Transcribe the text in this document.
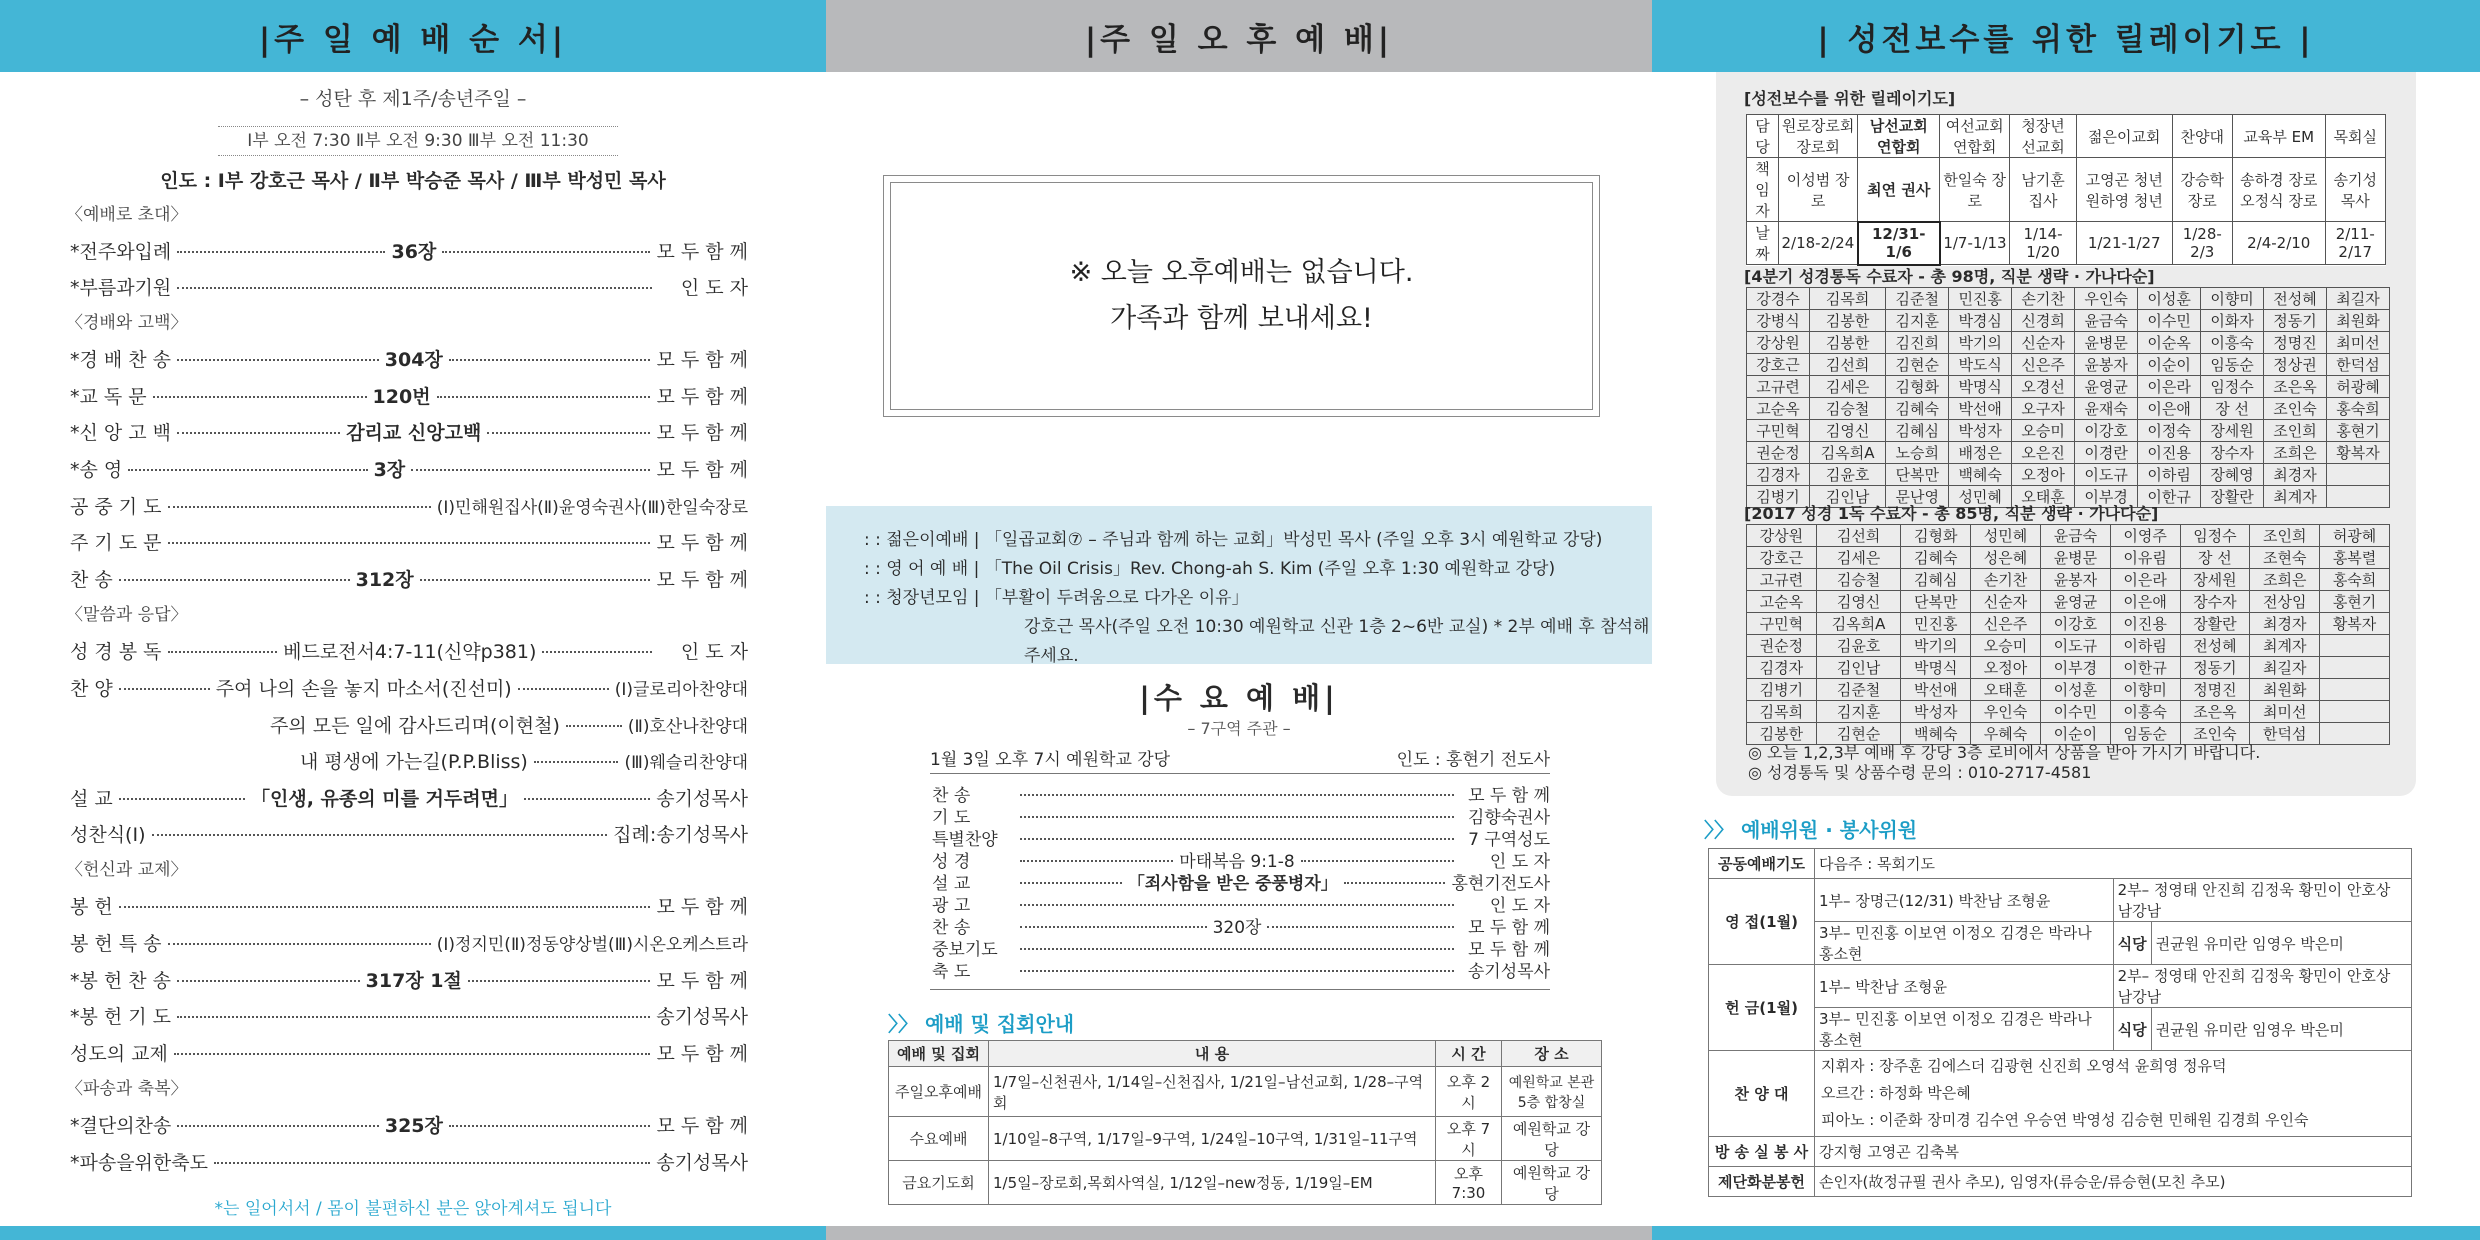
|주 일 예 배 순 서|
– 성탄 후 제1주/송년주일 –
Ⅰ부 오전 7:30 Ⅱ부 오전 9:30 Ⅲ부 오전 11:30
인도 : Ⅰ부 강호근 목사 / Ⅱ부 박승준 목사 / Ⅲ부 박성민 목사
〈예배로 초대〉
*전주와입례	36장	모 두 함 께
*부름과기원	인 도 자
〈경배와 고백〉
*경 배 찬 송	304장	모 두 함 께
*교 독 문	120번	모 두 함 께
*신 앙 고 백	감리교 신앙고백	모 두 함 께
*송 영	3장	모 두 함 께
공 중 기 도	(Ⅰ)민해원집사(Ⅱ)윤영숙권사(Ⅲ)한일숙장로
주 기 도 문	모 두 함 께
찬 송	312장	모 두 함 께
〈말씀과 응답〉
성 경 봉 독	베드로전서4:7-11(신약p381)	인 도 자
찬 양	주여 나의 손을 놓지 마소서(진선미)	(Ⅰ)글로리아찬양대
주의 모든 일에 감사드리며(이현철)	(Ⅱ)호산나찬양대
내 평생에 가는길(P.P.Bliss)	(Ⅲ)웨슬리찬양대
설 교	「인생, 유종의 미를 거두려면」	송기성목사
성찬식(Ⅰ)	집례:송기성목사
〈헌신과 교제〉
봉 헌	모 두 함 께
봉 헌 특 송	(Ⅰ)정지민(Ⅱ)정동양상벌(Ⅲ)시온오케스트라
*봉 헌 찬 송	317장 1절	모 두 함 께
*봉 헌 기 도	송기성목사
성도의 교제	모 두 함 께
〈파송과 축복〉
*결단의찬송	325장	모 두 함 께
*파송을위한축도	송기성목사
*는 일어서서 / 몸이 불편하신 분은 앉아계셔도 됩니다
|주 일 오 후 예 배|
※ 오늘 오후예배는 없습니다.
가족과 함께 보내세요!
: : 젊은이예배 | 「일곱교회⑦ – 주님과 함께 하는 교회」박성민 목사 (주일 오후 3시 예원학교 강당)
: : 영 어 예 배 | 「The Oil Crisis」Rev. Chong-ah S. Kim (주일 오후 1:30 예원학교 강당)
: : 청장년모임 | 「부활이 두려움으로 다가온 이유」
강호근 목사(주일 오전 10:30 예원학교 신관 1층 2~6반 교실) * 2부 예배 후 참석해 주세요.
|수 요 예 배|
– 7구역 주관 –
1월 3일 오후 7시 예원학교 강당	인도 : 홍현기 전도사
찬 송	모 두 함 께
기 도	김향숙권사
특별찬양	7 구역성도
성 경	마태복음 9:1-8	인 도 자
설 교	「죄사함을 받은 중풍병자」	홍현기전도사
광 고	인 도 자
찬 송	320장	모 두 함 께
중보기도	모 두 함 께
축 도	송기성목사
〉〉 예배 및 집회안내
예배 및 집회	내 용	시 간	장 소
주일오후예배	1/7일–신천권사, 1/14일–신천집사, 1/21일–남선교회, 1/28–구역회	오후 2시	예원학교 본관5층 합창실
수요예배	1/10일–8구역, 1/17일–9구역, 1/24일–10구역, 1/31일–11구역	오후 7시	예원학교 강당
금요기도회	1/5일–장로회,목회사역실, 1/12일–new정동, 1/19일–EM	오후7:30	예원학교 강당
| 성전보수를 위한 릴레이기도 |
[성전보수를 위한 릴레이기도]
담당	원로장로회 장로회	남선교회 연합회	여선교회 연합회	청장년 선교회	젊은이교회	찬양대	교육부 EM	목회실
책임자	이성범 장로	최연 권사	한일숙 장로	남기훈 집사	고영곤 청년 원하영 청년	강승학 장로	송하경 장로 오정식 장로	송기성 목사
날짜	2/18-2/24	12/31-1/6	1/7-1/13	1/14-1/20	1/21-1/27	1/28-2/3	2/4-2/10	2/11-2/17
[4분기 성경통독 수료자 - 총 98명, 직분 생략 · 가나다순]
강경수	김목희	김준철	민진홍	손기찬	우인숙	이성훈	이향미	전성혜	최길자
강병식	김봉한	김지훈	박경심	신경희	윤금숙	이수민	이화자	정동기	최원화
강상원	김봉한	김진희	박기의	신순자	윤병문	이순옥	이흥숙	정명진	최미선
강호근	김선희	김현순	박도식	신은주	윤봉자	이순이	임동순	정상권	한덕섬
고규련	김세은	김형화	박명식	오경선	윤영균	이은라	임정수	조은옥	허광혜
고순옥	김승철	김혜숙	박선애	오구자	윤재숙	이은애	장 선	조인숙	홍숙희
구민혁	김영신	김혜심	박성자	오승미	이강호	이정숙	장세원	조인희	홍현기
권순정	김옥희A	노승희	배정은	오은진	이경란	이진용	장수자	조희은	황복자
김경자	김윤호	단복만	백혜숙	오정아	이도규	이하림	장혜영	최경자	
김병기	김인남	문난영	성민혜	오태훈	이부경	이한규	장활란	최계자	
[2017 성경 1독 수료자 - 총 85명, 직분 생략 · 가나다순]
강상원	김선희	김형화	성민혜	윤금숙	이영주	임정수	조인희	허광혜
강호근	김세은	김혜숙	성은혜	윤병문	이유림	장 선	조현숙	홍복렬
고규련	김승철	김혜심	손기찬	윤봉자	이은라	장세원	조희은	홍숙희
고순옥	김영신	단복만	신순자	윤영균	이은애	장수자	전상임	홍현기
구민혁	김옥희A	민진홍	신은주	이강호	이진용	장활란	최경자	황복자
권순정	김윤호	박기의	오승미	이도규	이하림	전성혜	최계자	
김경자	김인남	박명식	오정아	이부경	이한규	정동기	최길자	
김병기	김준철	박선애	오태훈	이성훈	이향미	정명진	최원화	
김목희	김지훈	박성자	우인숙	이수민	이흥숙	조은옥	최미선	
김봉한	김현순	백혜숙	우혜숙	이순이	임동순	조인숙	한덕섬	
◎ 오늘 1,2,3부 예배 후 강당 3층 로비에서 상품을 받아 가시기 바랍니다.
◎ 성경통독 및 상품수령 문의 : 010-2717-4581
〉〉 예배위원 · 봉사위원
공동예배기도	다음주 : 목회기도		
영 접(1월)	1부– 장명근(12/31) 박찬남 조형윤	2부– 정영태 안진희 김정욱 황민이 안호상 남강남	
	3부– 민진홍 이보연 이정오 김경은 박라나 홍소현	식당	권균원 유미란 임영우 박은미
헌 금(1월)	1부– 박찬남 조형윤	2부– 정영태 안진희 김정욱 황민이 안호상 남강남	
	3부– 민진홍 이보연 이정오 김경은 박라나 홍소현	식당	권균원 유미란 임영우 박은미
찬 양 대	지휘자 : 장주훈 김에스더 김광현 신진희 오영석 윤희영 정유덕
오르간 : 하정화 박은혜
피아노 : 이준화 장미경 김수연 우승연 박영성 김승현 민해원 김경희 우인숙		

방 송 실 봉 사	강지형 고영곤 김축복		
제단화분봉헌	손인자(故정규필 권사 추모), 임영자(류승운/류승현(모친 추모)		
